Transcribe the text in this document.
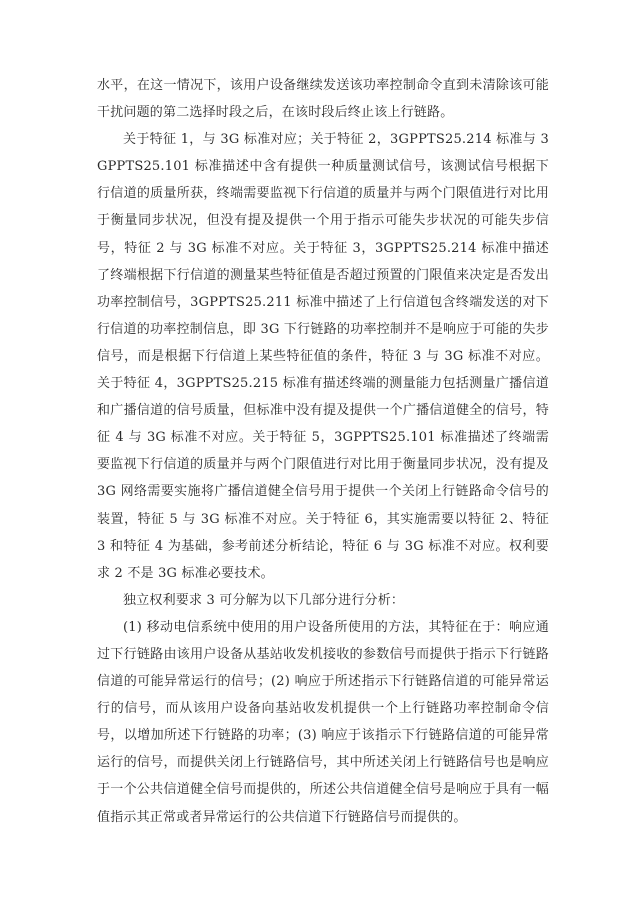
水平，在这一情况下，该用户设备继续发送该功率控制命令直到未清除该可能干扰问题的第二选择时段之后，在该时段后终止该上行链路。

关于特征 1，与 3G 标准对应；关于特征 2，3GPPTS25.214 标准与 3GPPTS25.101 标准描述中含有提供一种质量测试信号，该测试信号根据下行信道的质量所获，终端需要监视下行信道的质量并与两个门限值进行对比用于衡量同步状况，但没有提及提供一个用于指示可能失步状况的可能失步信号，特征 2 与 3G 标准不对应。关于特征 3，3GPPTS25.214 标准中描述了终端根据下行信道的测量某些特征值是否超过预置的门限值来决定是否发出功率控制信号，3GPPTS25.211 标准中描述了上行信道包含终端发送的对下行信道的功率控制信息，即 3G 下行链路的功率控制并不是响应于可能的失步信号，而是根据下行信道上某些特征值的条件，特征 3 与 3G 标准不对应。关于特征 4，3GPPTS25.215 标准有描述终端的测量能力包括测量广播信道和广播信道的信号质量，但标准中没有提及提供一个广播信道健全的信号，特征 4 与 3G 标准不对应。关于特征 5，3GPPTS25.101 标准描述了终端需要监视下行信道的质量并与两个门限值进行对比用于衡量同步状况，没有提及 3G 网络需要实施将广播信道健全信号用于提供一个关闭上行链路命令信号的装置，特征 5 与 3G 标准不对应。关于特征 6，其实施需要以特征 2、特征 3 和特征 4 为基础，参考前述分析结论，特征 6 与 3G 标准不对应。权利要求 2 不是 3G 标准必要技术。

独立权利要求 3 可分解为以下几部分进行分析：

(1) 移动电信系统中使用的用户设备所使用的方法，其特征在于：响应通过下行链路由该用户设备从基站收发机接收的参数信号而提供于指示下行链路信道的可能异常运行的信号；(2) 响应于所述指示下行链路信道的可能异常运行的信号，而从该用户设备向基站收发机提供一个上行链路功率控制命令信号，以增加所述下行链路的功率；(3) 响应于该指示下行链路信道的可能异常运行的信号，而提供关闭上行链路信号，其中所述关闭上行链路信号也是响应于一个公共信道健全信号而提供的，所述公共信道健全信号是响应于具有一幅值指示其正常或者异常运行的公共信道下行链路信号而提供的。
